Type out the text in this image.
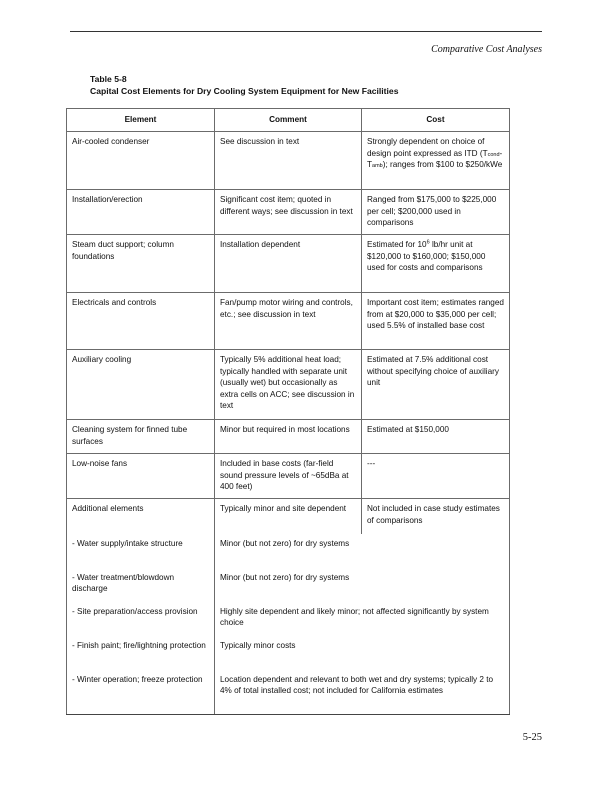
Comparative Cost Analyses
Table 5-8
Capital Cost Elements for Dry Cooling System Equipment for New Facilities
Element	Comment	Cost
Air-cooled condenser	See discussion in text	Strongly dependent on choice of design point expressed as ITD (Tcond-Tamb); ranges from $100 to $250/kWe
Installation/erection	Significant cost item; quoted in different ways; see discussion in text	Ranged from $175,000 to $225,000 per cell; $200,000 used in comparisons
Steam duct support; column foundations	Installation dependent	Estimated for $10^6$ lb/hr unit at $120,000 to $160,000; $150,000 used for costs and comparisons
Electricals and controls	Fan/pump motor wiring and controls, etc.; see discussion in text	Important cost item; estimates ranged from at $20,000 to $35,000 per cell; used 5.5% of installed base cost
Auxiliary cooling	Typically 5% additional heat load; typically handled with separate unit (usually wet) but occasionally as extra cells on ACC; see discussion in text	Estimated at 7.5% additional cost without specifying choice of auxiliary unit
Cleaning system for finned tube surfaces	Minor but required in most locations	Estimated at $150,000
Low-noise fans	Included in base costs (far-field sound pressure levels of ~65dBa at 400 feet)	---
Additional elements	Typically minor and site dependent	Not included in case study estimates of comparisons
- Water supply/intake structure	Minor (but not zero) for dry systems	
- Water treatment/blowdown discharge	Minor (but not zero) for dry systems	
- Site preparation/access provision	Highly site dependent and likely minor; not affected significantly by system choice	
- Finish paint; fire/lightning protection	Typically minor costs	
- Winter operation; freeze protection	Location dependent and relevant to both wet and dry systems; typically 2 to 4% of total installed cost; not included for California estimates	
5-25
